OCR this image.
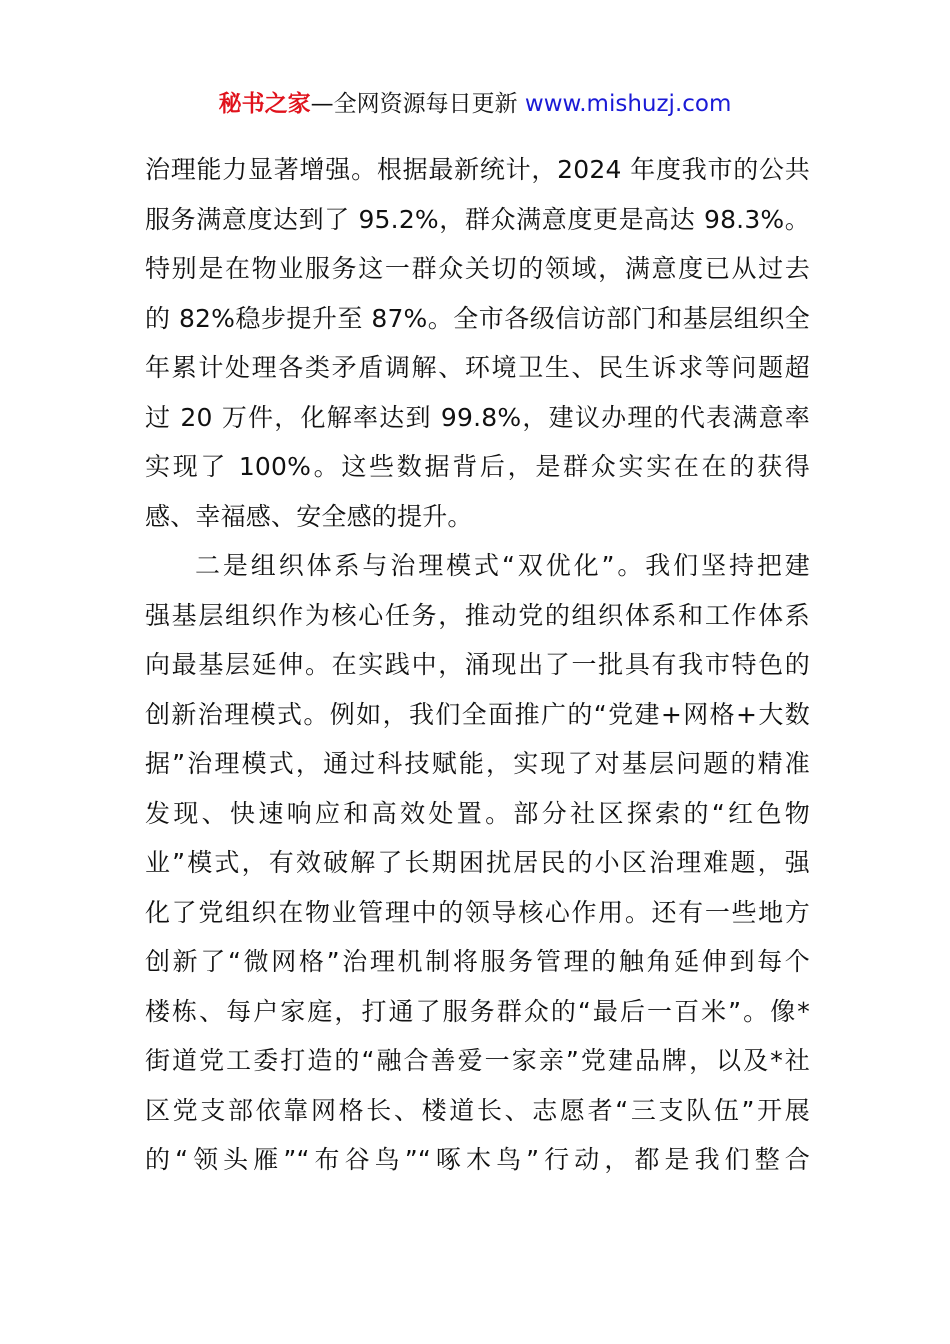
秘书之家—全网资源每日更新 www.mishuzj.com
治理能力显著增强。根据最新统计，2024 年度我市的公共
服务满意度达到了 95.2%，群众满意度更是高达 98.3%。
特别是在物业服务这一群众关切的领域，满意度已从过去
的 82%稳步提升至 87%。全市各级信访部门和基层组织全
年累计处理各类矛盾调解、环境卫生、民生诉求等问题超
过 20 万件，化解率达到 99.8%，建议办理的代表满意率
实现了 100%。这些数据背后，是群众实实在在的获得
感、幸福感、安全感的提升。
二是组织体系与治理模式“双优化”。我们坚持把建
强基层组织作为核心任务，推动党的组织体系和工作体系
向最基层延伸。在实践中，涌现出了一批具有我市特色的
创新治理模式。例如，我们全面推广的“党建+网格+大数
据”治理模式，通过科技赋能，实现了对基层问题的精准
发现、快速响应和高效处置。部分社区探索的“红色物
业”模式，有效破解了长期困扰居民的小区治理难题，强
化了党组织在物业管理中的领导核心作用。还有一些地方
创新了“微网格”治理机制将服务管理的触角延伸到每个
楼栋、每户家庭，打通了服务群众的“最后一百米”。像*
街道党工委打造的“融合善爱一家亲”党建品牌，以及*社
区党支部依靠网格长、楼道长、志愿者“三支队伍”开展
的“领头雁”“布谷鸟”“啄木鸟”行动，都是我们整合
